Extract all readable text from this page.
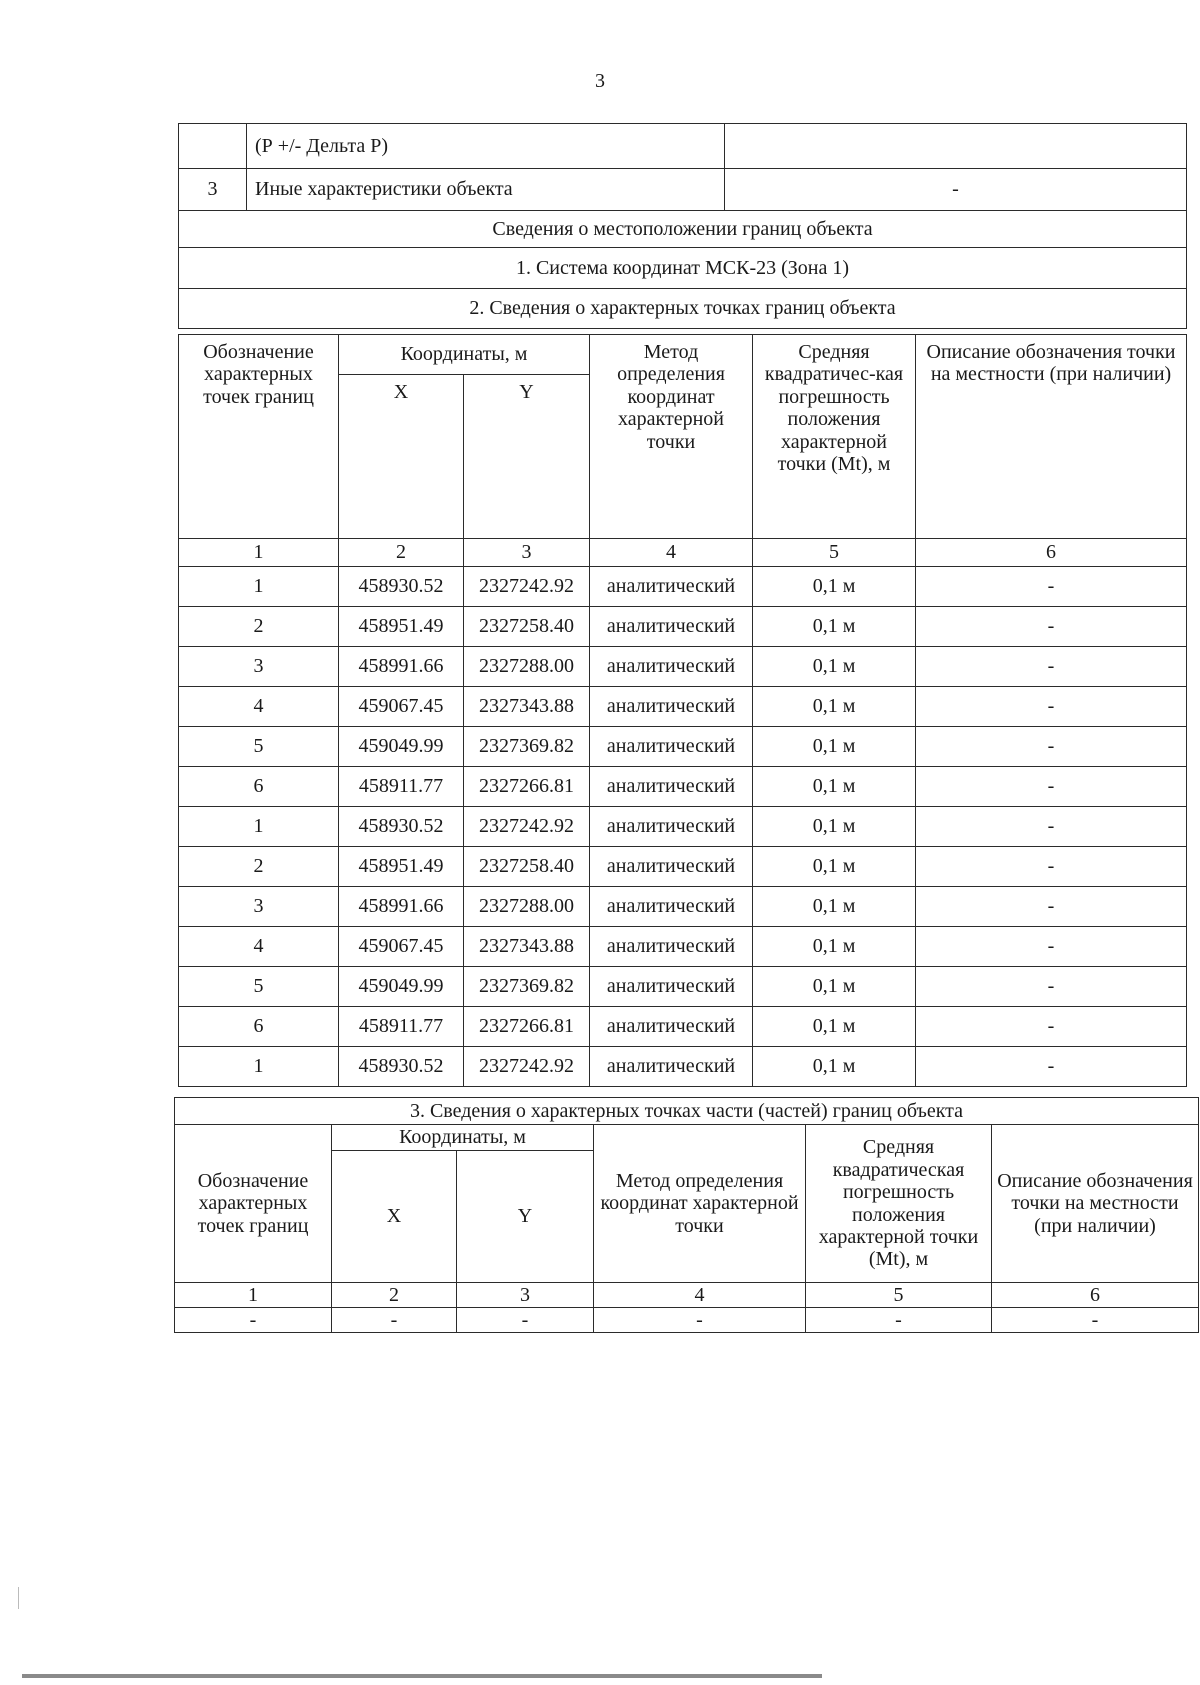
3
	(Р +/- Дельта Р)	
3	Иные характеристики объекта	-
Сведения о местоположении границ объекта		
1. Система координат МСК-23 (Зона 1)		
2. Сведения о характерных точках границ объекта		
Обозначение характерных точек границ	Координаты, м		Метод определения координат характерной точки	Средняя квадратичес-кая погрешность положения характерной точки (Mt), м	Описание обозначения точки на местности (при наличии)
	X	Y			
1	2	3	4	5	6
1	458930.52	2327242.92	аналитический	0,1 м	-
2	458951.49	2327258.40	аналитический	0,1 м	-
3	458991.66	2327288.00	аналитический	0,1 м	-
4	459067.45	2327343.88	аналитический	0,1 м	-
5	459049.99	2327369.82	аналитический	0,1 м	-
6	458911.77	2327266.81	аналитический	0,1 м	-
1	458930.52	2327242.92	аналитический	0,1 м	-
2	458951.49	2327258.40	аналитический	0,1 м	-
3	458991.66	2327288.00	аналитический	0,1 м	-
4	459067.45	2327343.88	аналитический	0,1 м	-
5	459049.99	2327369.82	аналитический	0,1 м	-
6	458911.77	2327266.81	аналитический	0,1 м	-
1	458930.52	2327242.92	аналитический	0,1 м	-
3. Сведения о характерных точках части (частей) границ объекта					
Обозначение характерных точек границ	Координаты, м		Метод определения координат характерной точки	Средняя квадратическая погрешность положения характерной точки (Mt), м	Описание обозначения точки на местности (при наличии)
	X	Y			
1	2	3	4	5	6
-	-	-	-	-	-
